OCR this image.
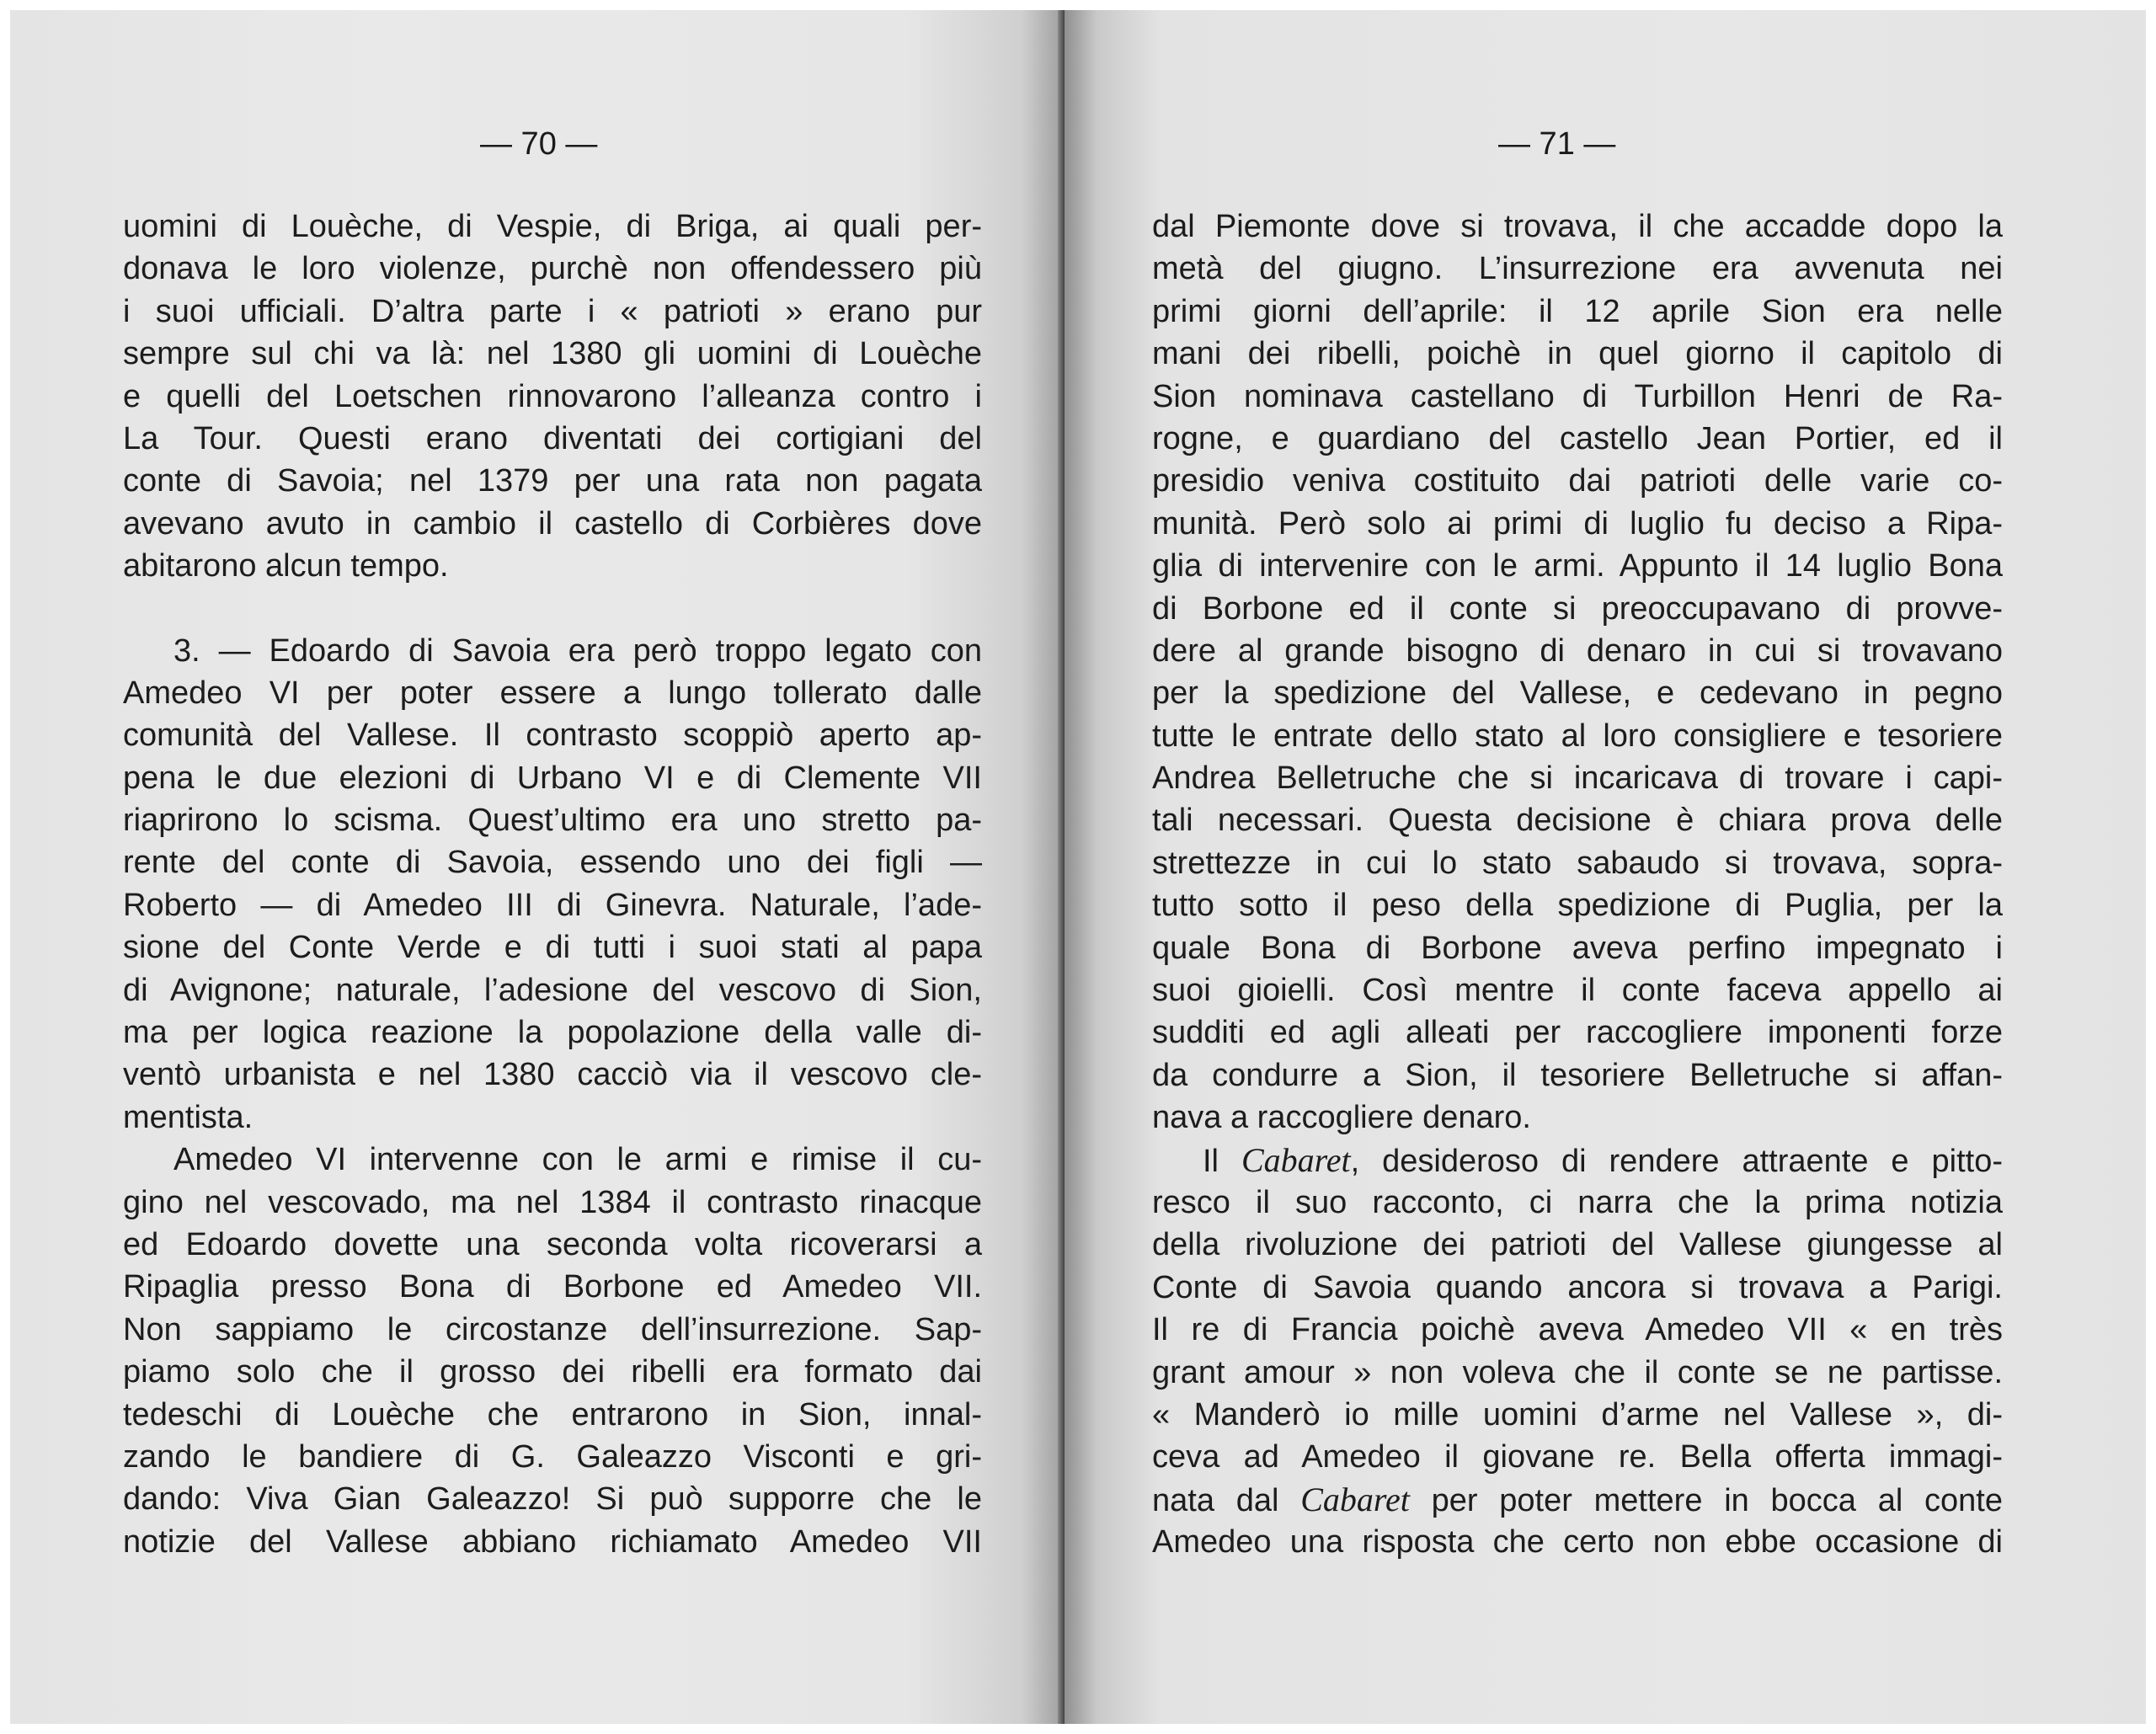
— 70 —
uomini di Louèche, di Vespie, di Briga, ai quali per-
donava le loro violenze, purchè non offendessero più
i suoi ufficiali. D’altra parte i « patrioti » erano pur
sempre sul chi va là: nel 1380 gli uomini di Louèche
e quelli del Loetschen rinnovarono l’alleanza contro i
La Tour. Questi erano diventati dei cortigiani del
conte di Savoia; nel 1379 per una rata non pagata
avevano avuto in cambio il castello di Corbières dove
abitarono alcun tempo.
3. — Edoardo di Savoia era però troppo legato con
Amedeo VI per poter essere a lungo tollerato dalle
comunità del Vallese. Il contrasto scoppiò aperto ap-
pena le due elezioni di Urbano VI e di Clemente VII
riaprirono lo scisma. Quest’ultimo era uno stretto pa-
rente del conte di Savoia, essendo uno dei figli —
Roberto — di Amedeo III di Ginevra. Naturale, l’ade-
sione del Conte Verde e di tutti i suoi stati al papa
di Avignone; naturale, l’adesione del vescovo di Sion,
ma per logica reazione la popolazione della valle di-
ventò urbanista e nel 1380 cacciò via il vescovo cle-
mentista.
Amedeo VI intervenne con le armi e rimise il cu-
gino nel vescovado, ma nel 1384 il contrasto rinacque
ed Edoardo dovette una seconda volta ricoverarsi a
Ripaglia presso Bona di Borbone ed Amedeo VII.
Non sappiamo le circostanze dell’insurrezione. Sap-
piamo solo che il grosso dei ribelli era formato dai
tedeschi di Louèche che entrarono in Sion, innal-
zando le bandiere di G. Galeazzo Visconti e gri-
dando: Viva Gian Galeazzo! Si può supporre che le
notizie del Vallese abbiano richiamato Amedeo VII
— 71 —
dal Piemonte dove si trovava, il che accadde dopo la
metà del giugno. L’insurrezione era avvenuta nei
primi giorni dell’aprile: il 12 aprile Sion era nelle
mani dei ribelli, poichè in quel giorno il capitolo di
Sion nominava castellano di Turbillon Henri de Ra-
rogne, e guardiano del castello Jean Portier, ed il
presidio veniva costituito dai patrioti delle varie co-
munità. Però solo ai primi di luglio fu deciso a Ripa-
glia di intervenire con le armi. Appunto il 14 luglio Bona
di Borbone ed il conte si preoccupavano di provve-
dere al grande bisogno di denaro in cui si trovavano
per la spedizione del Vallese, e cedevano in pegno
tutte le entrate dello stato al loro consigliere e tesoriere
Andrea Belletruche che si incaricava di trovare i capi-
tali necessari. Questa decisione è chiara prova delle
strettezze in cui lo stato sabaudo si trovava, sopra-
tutto sotto il peso della spedizione di Puglia, per la
quale Bona di Borbone aveva perfino impegnato i
suoi gioielli. Così mentre il conte faceva appello ai
sudditi ed agli alleati per raccogliere imponenti forze
da condurre a Sion, il tesoriere Belletruche si affan-
nava a raccogliere denaro.
Il Cabaret, desideroso di rendere attraente e pitto-
resco il suo racconto, ci narra che la prima notizia
della rivoluzione dei patrioti del Vallese giungesse al
Conte di Savoia quando ancora si trovava a Parigi.
Il re di Francia poichè aveva Amedeo VII « en très
grant amour » non voleva che il conte se ne partisse.
« Manderò io mille uomini d’arme nel Vallese », di-
ceva ad Amedeo il giovane re. Bella offerta immagi-
nata dal Cabaret per poter mettere in bocca al conte
Amedeo una risposta che certo non ebbe occasione di
